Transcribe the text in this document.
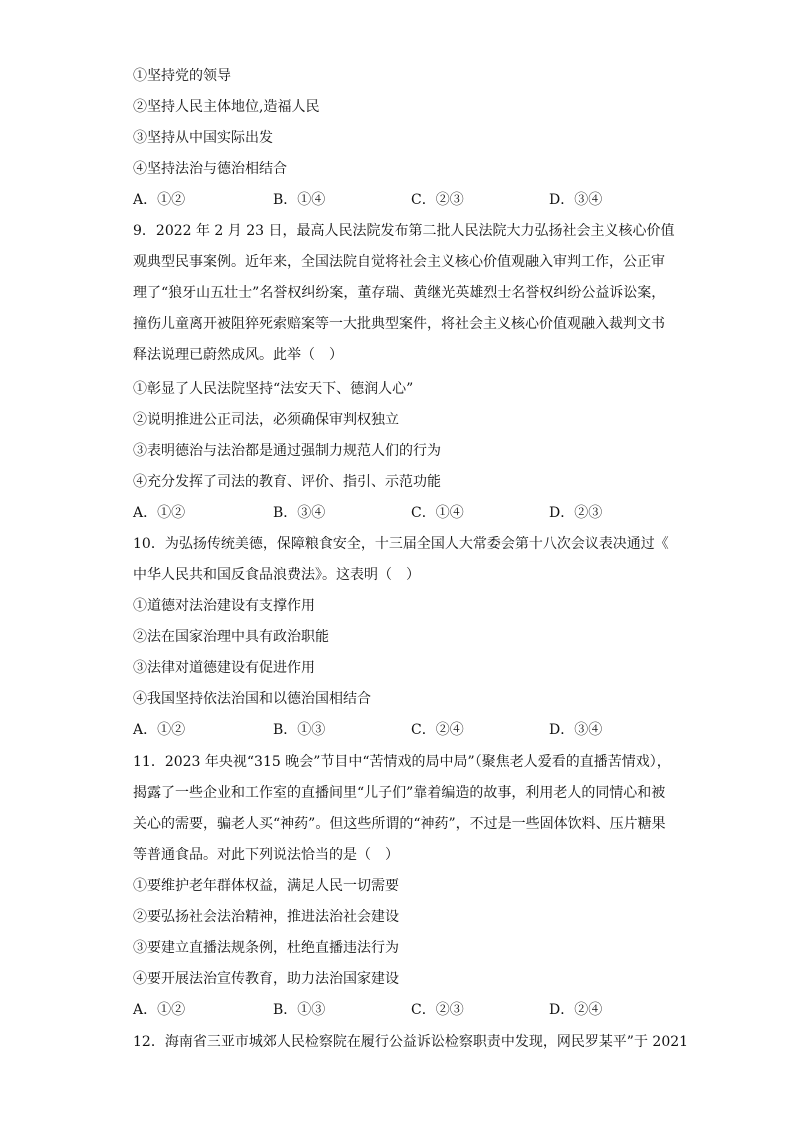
①坚持党的领导
②坚持人民主体地位,造福人民
③坚持从中国实际出发
④坚持法治与德治相结合
A．①②	B．①④	C．②③	D．③④
9．2022 年 2 月 23 日，最高人民法院发布第二批人民法院大力弘扬社会主义核心价值
观典型民事案例。近年来，全国法院自觉将社会主义核心价值观融入审判工作，公正审
理了“狼牙山五壮士”名誉权纠纷案，董存瑞、黄继光英雄烈士名誉权纠纷公益诉讼案，
撞伤儿童离开被阻猝死索赔案等一大批典型案件，将社会主义核心价值观融入裁判文书
释法说理已蔚然成风。此举（　）
①彰显了人民法院坚持“法安天下、德润人心”
②说明推进公正司法，必须确保审判权独立
③表明德治与法治都是通过强制力规范人们的行为
④充分发挥了司法的教育、评价、指引、示范功能
A．①②	B．③④	C．①④	D．②③
10．为弘扬传统美德，保障粮食安全，十三届全国人大常委会第十八次会议表决通过《
中华人民共和国反食品浪费法》。这表明（　）
①道德对法治建设有支撑作用
②法在国家治理中具有政治职能
③法律对道德建设有促进作用
④我国坚持依法治国和以德治国相结合
A．①②	B．①③	C．②④	D．③④
11．2023 年央视“315 晚会”节目中“苦情戏的局中局”（聚焦老人爱看的直播苦情戏），
揭露了一些企业和工作室的直播间里“儿子们”靠着编造的故事，利用老人的同情心和被
关心的需要，骗老人买“神药”。但这些所谓的“神药”，不过是一些固体饮料、压片糖果
等普通食品。对此下列说法恰当的是（　）
①要维护老年群体权益，满足人民一切需要
②要弘扬社会法治精神，推进法治社会建设
③要建立直播法规条例，杜绝直播违法行为
④要开展法治宣传教育，助力法治国家建设
A．①②	B．①③	C．②③	D．②④
12．海南省三亚市城郊人民检察院在履行公益诉讼检察职责中发现，网民罗某平”于 2021
